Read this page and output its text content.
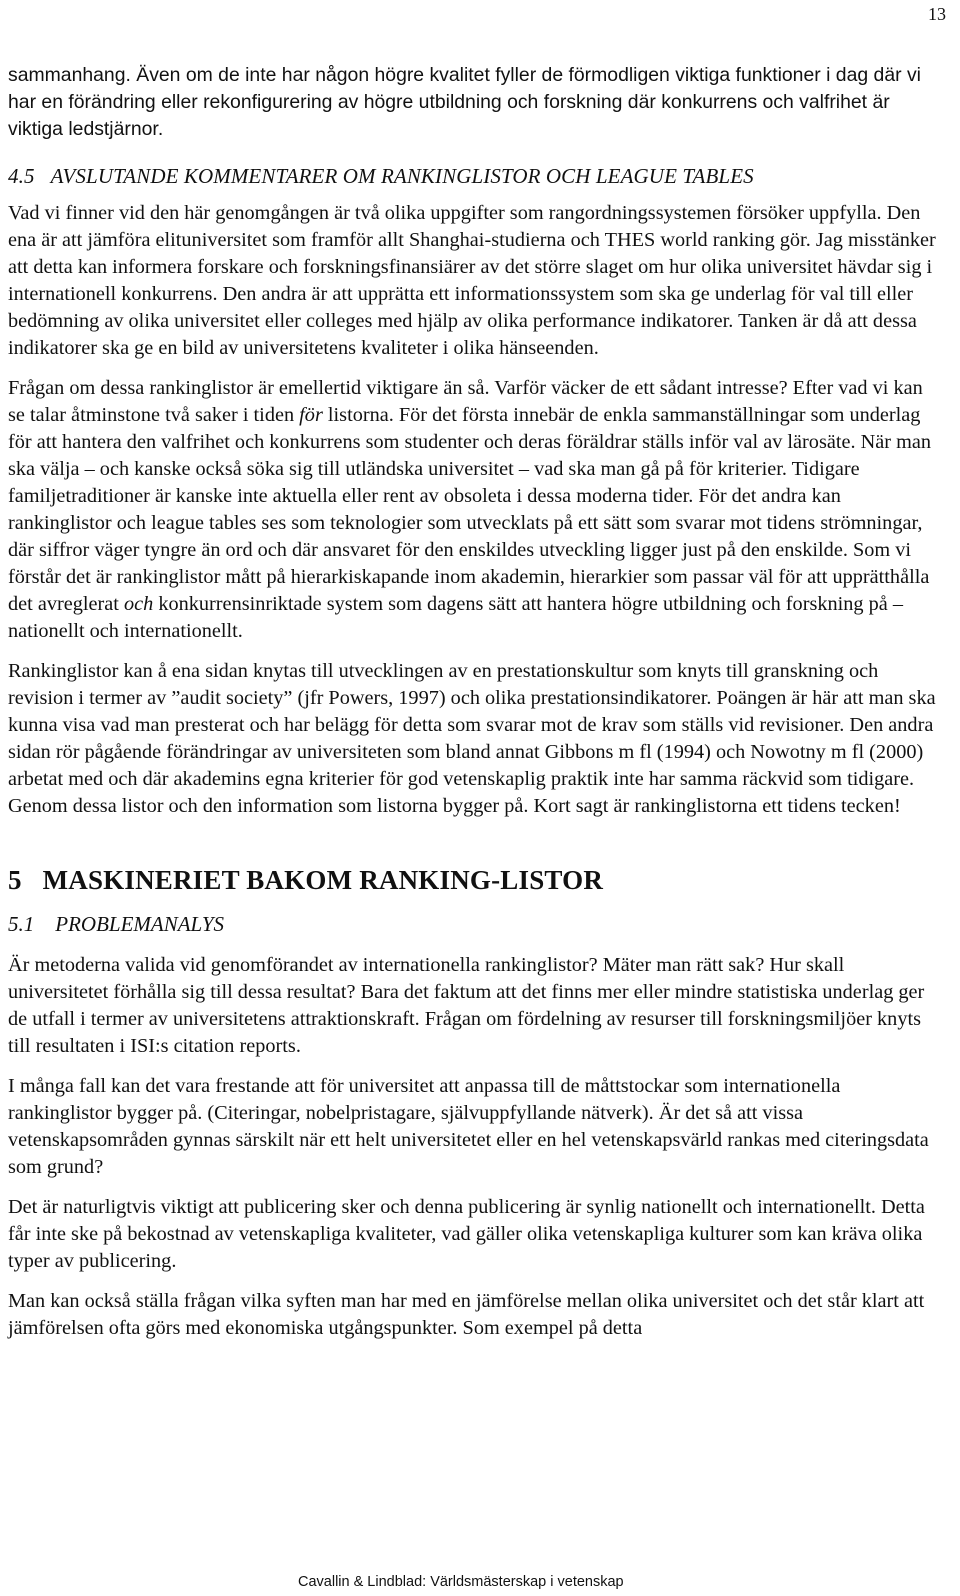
13

sammanhang. Även om de inte har någon högre kvalitet fyller de förmodligen viktiga funktioner i dag där vi har en förändring eller rekonfigurering av högre utbildning och forskning där konkurrens och valfrihet är viktiga ledstjärnor.

4.5 AVSLUTANDE KOMMENTARER OM RANKINGLISTOR OCH LEAGUE TABLES

Vad vi finner vid den här genomgången är två olika uppgifter som rangordningssystemen försöker uppfylla. Den ena är att jämföra elituniversitet som framför allt Shanghai-studierna och THES world ranking gör. Jag misstänker att detta kan informera forskare och forskningsfinansiärer av det större slaget om hur olika universitet hävdar sig i internationell konkurrens. Den andra är att upprätta ett informationssystem som ska ge underlag för val till eller bedömning av olika universitet eller colleges med hjälp av olika performance indikatorer. Tanken är då att dessa indikatorer ska ge en bild av universitetens kvaliteter i olika hänseenden.

Frågan om dessa rankinglistor är emellertid viktigare än så. Varför väcker de ett sådant intresse? Efter vad vi kan se talar åtminstone två saker i tiden för listorna. För det första innebär de enkla sammanställningar som underlag för att hantera den valfrihet och konkurrens som studenter och deras föräldrar ställs inför val av lärosäte. När man ska välja – och kanske också söka sig till utländska universitet – vad ska man gå på för kriterier. Tidigare familjetraditioner är kanske inte aktuella eller rent av obsoleta i dessa moderna tider. För det andra kan rankinglistor och league tables ses som teknologier som utvecklats på ett sätt som svarar mot tidens strömningar, där siffror väger tyngre än ord och där ansvaret för den enskildes utveckling ligger just på den enskilde. Som vi förstår det är rankinglistor mått på hierarkiskapande inom akademin, hierarkier som passar väl för att upprätthålla det avreglerat och konkurrensinriktade system som dagens sätt att hantera högre utbildning och forskning på – nationellt och internationellt.

Rankinglistor kan å ena sidan knytas till utvecklingen av en prestationskultur som knyts till granskning och revision i termer av ”audit society” (jfr Powers, 1997) och olika prestationsindikatorer. Poängen är här att man ska kunna visa vad man presterat och har belägg för detta som svarar mot de krav som ställs vid revisioner. Den andra sidan rör pågående förändringar av universiteten som bland annat Gibbons m fl (1994) och Nowotny m fl (2000) arbetat med och där akademins egna kriterier för god vetenskaplig praktik inte har samma räckvid som tidigare. Genom dessa listor och den information som listorna bygger på. Kort sagt är rankinglistorna ett tidens tecken!

5 MASKINERIET BAKOM RANKING-LISTOR
5.1 PROBLEMANALYS

Är metoderna valida vid genomförandet av internationella rankinglistor? Mäter man rätt sak? Hur skall universitetet förhålla sig till dessa resultat? Bara det faktum att det finns mer eller mindre statistiska underlag ger de utfall i termer av universitetens attraktionskraft. Frågan om fördelning av resurser till forskningsmiljöer knyts till resultaten i ISI:s citation reports.

I många fall kan det vara frestande att för universitet att anpassa till de måttstockar som internationella rankinglistor bygger på. (Citeringar, nobelpristagare, självuppfyllande nätverk). Är det så att vissa vetenskapsområden gynnas särskilt när ett helt universitetet eller en hel vetenskapsvärld rankas med citeringsdata som grund?

Det är naturligtvis viktigt att publicering sker och denna publicering är synlig nationellt och internationellt. Detta får inte ske på bekostnad av vetenskapliga kvaliteter, vad gäller olika vetenskapliga kulturer som kan kräva olika typer av publicering.

Man kan också ställa frågan vilka syften man har med en jämförelse mellan olika universitet och det står klart att jämförelsen ofta görs med ekonomiska utgångspunkter. Som exempel på detta

Cavallin & Lindblad: Världsmästerskap i vetenskap
